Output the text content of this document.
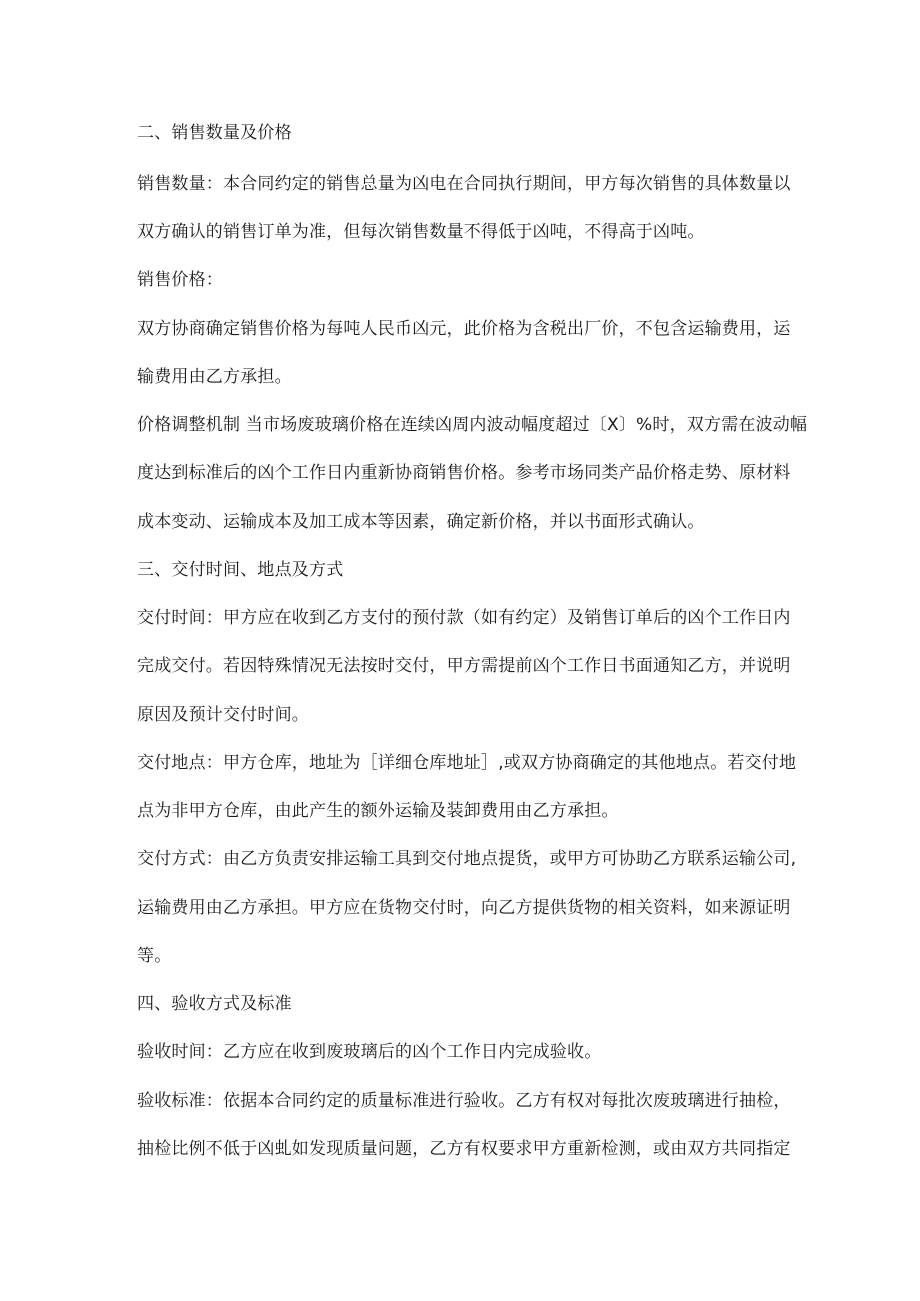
二、销售数量及价格
销售数量：本合同约定的销售总量为凶电在合同执行期间，甲方每次销售的具体数量以
双方确认的销售订单为准，但每次销售数量不得低于凶吨，不得高于凶吨。
销售价格：
双方协商确定销售价格为每吨人民币凶元，此价格为含税出厂价，不包含运输费用，运
输费用由乙方承担。
价格调整机制 当市场废玻璃价格在连续凶周内波动幅度超过〔X〕%时，双方需在波动幅
度达到标准后的凶个工作日内重新协商销售价格。参考市场同类产品价格走势、原材料
成本变动、运输成本及加工成本等因素，确定新价格，并以书面形式确认。
三、交付时间、地点及方式
交付时间：甲方应在收到乙方支付的预付款（如有约定）及销售订单后的凶个工作日内
完成交付。若因特殊情况无法按时交付，甲方需提前凶个工作日书面通知乙方，并说明
原因及预计交付时间。
交付地点：甲方仓库，地址为［详细仓库地址］,或双方协商确定的其他地点。若交付地
点为非甲方仓库，由此产生的额外运输及装卸费用由乙方承担。
交付方式：由乙方负责安排运输工具到交付地点提货，或甲方可协助乙方联系运输公司,
运输费用由乙方承担。甲方应在货物交付时，向乙方提供货物的相关资料，如来源证明
等。
四、验收方式及标准
验收时间：乙方应在收到废玻璃后的凶个工作日内完成验收。
验收标准：依据本合同约定的质量标准进行验收。乙方有权对每批次废玻璃进行抽检，
抽检比例不低于凶虬如发现质量问题，乙方有权要求甲方重新检测，或由双方共同指定
